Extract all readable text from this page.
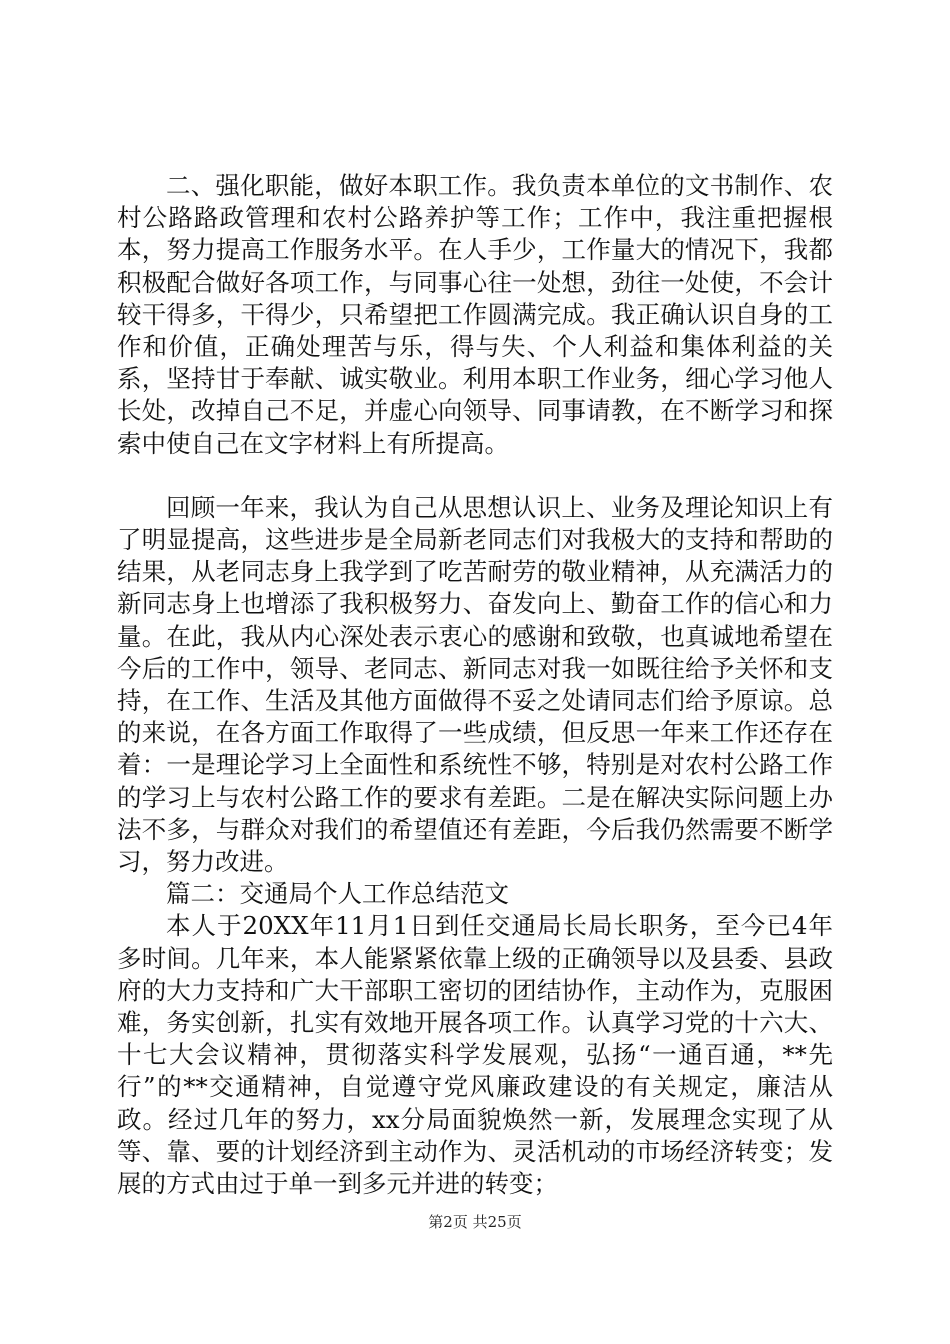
二、强化职能，做好本职工作。我负责本单位的文书制作、农村公路路政管理和农村公路养护等工作；工作中，我注重把握根本，努力提高工作服务水平。在人手少，工作量大的情况下，我都积极配合做好各项工作，与同事心往一处想，劲往一处使，不会计较干得多，干得少，只希望把工作圆满完成。我正确认识自身的工作和价值，正确处理苦与乐，得与失、个人利益和集体利益的关系，坚持甘于奉献、诚实敬业。利用本职工作业务，细心学习他人长处，改掉自己不足，并虚心向领导、同事请教，在不断学习和探索中使自己在文字材料上有所提高。

回顾一年来，我认为自己从思想认识上、业务及理论知识上有了明显提高，这些进步是全局新老同志们对我极大的支持和帮助的结果，从老同志身上我学到了吃苦耐劳的敬业精神，从充满活力的新同志身上也增添了我积极努力、奋发向上、勤奋工作的信心和力量。在此，我从内心深处表示衷心的感谢和致敬，也真诚地希望在今后的工作中，领导、老同志、新同志对我一如既往给予关怀和支持，在工作、生活及其他方面做得不妥之处请同志们给予原谅。总的来说，在各方面工作取得了一些成绩，但反思一年来工作还存在着：一是理论学习上全面性和系统性不够，特别是对农村公路工作的学习上与农村公路工作的要求有差距。二是在解决实际问题上办法不多，与群众对我们的希望值还有差距，今后我仍然需要不断学习，努力改进。

篇二：交通局个人工作总结范文

本人于20XX年11月1日到任交通局长局长职务，至今已4年多时间。几年来，本人能紧紧依靠上级的正确领导以及县委、县政府的大力支持和广大干部职工密切的团结协作，主动作为，克服困难，务实创新，扎实有效地开展各项工作。认真学习党的十六大、十七大会议精神，贯彻落实科学发展观，弘扬“一通百通，**先行”的**交通精神，自觉遵守党风廉政建设的有关规定，廉洁从政。经过几年的努力，xx分局面貌焕然一新，发展理念实现了从等、靠、要的计划经济到主动作为、灵活机动的市场经济转变；发展的方式由过于单一到多元并进的转变；

第2页 共25页
